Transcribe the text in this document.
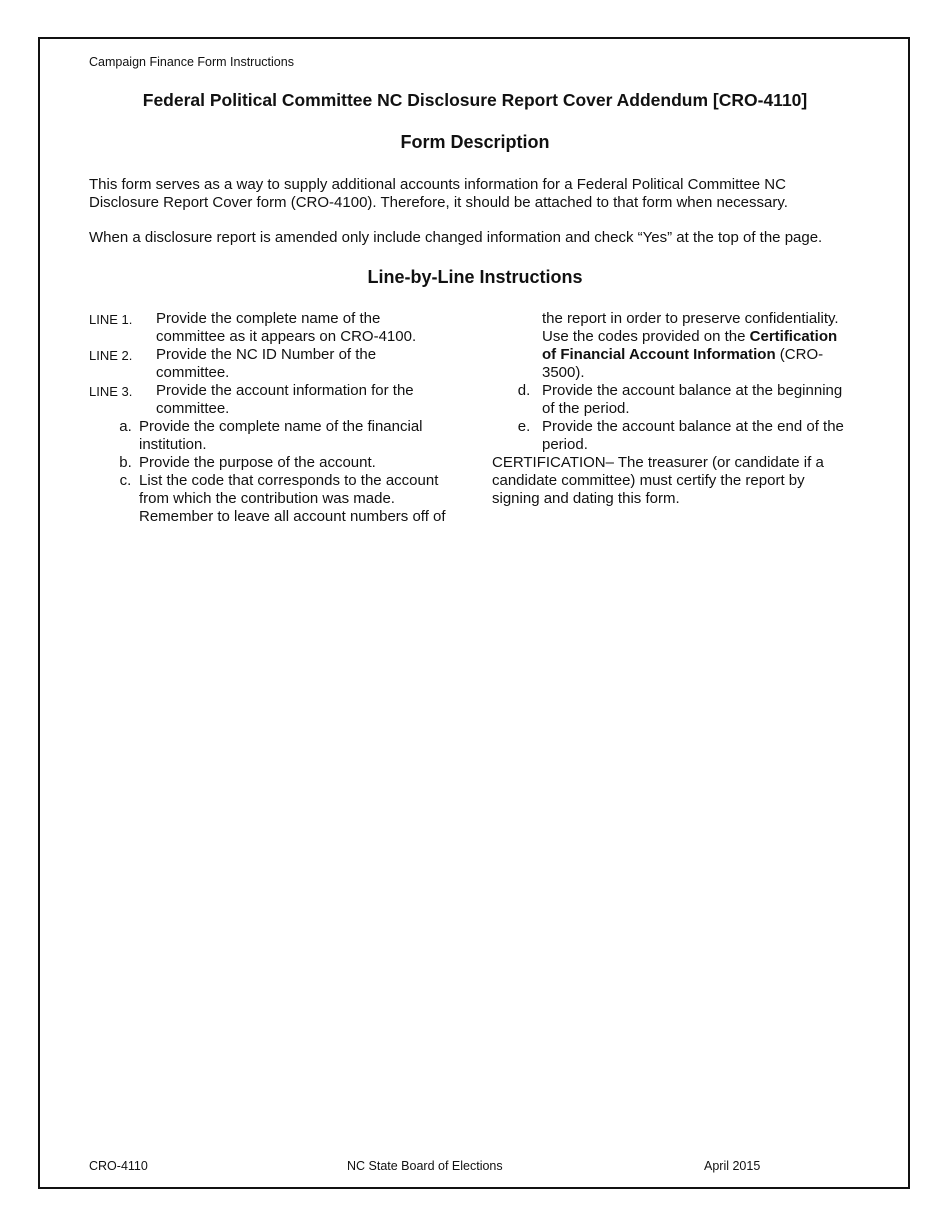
Campaign Finance Form Instructions
Federal Political Committee NC Disclosure Report Cover Addendum [CRO-4110]
Form Description
This form serves as a way to supply additional accounts information for a Federal Political Committee NC
Disclosure Report Cover form (CRO-4100). Therefore, it should be attached to that form when necessary.
When a disclosure report is amended only include changed information and check “Yes” at the top of the page.
Line-by-Line Instructions
LINE 1.	Provide the complete name of the
committee as it appears on CRO-4100.
LINE 2.	Provide the NC ID Number of the
committee.
LINE 3.	Provide the account information for the
committee.
a. Provide the complete name of the financial
institution.
b. Provide the purpose of the account.
c. List the code that corresponds to the account
from which the contribution was made.
Remember to leave all account numbers off of
the report in order to preserve confidentiality.
Use the codes provided on the Certification
of Financial Account Information (CRO-
3500).
d. Provide the account balance at the beginning
of the period.
e. Provide the account balance at the end of the
period.
CERTIFICATION– The treasurer (or candidate if a
candidate committee) must certify the report by
signing and dating this form.
CRO-4110	NC State Board of Elections	April 2015
